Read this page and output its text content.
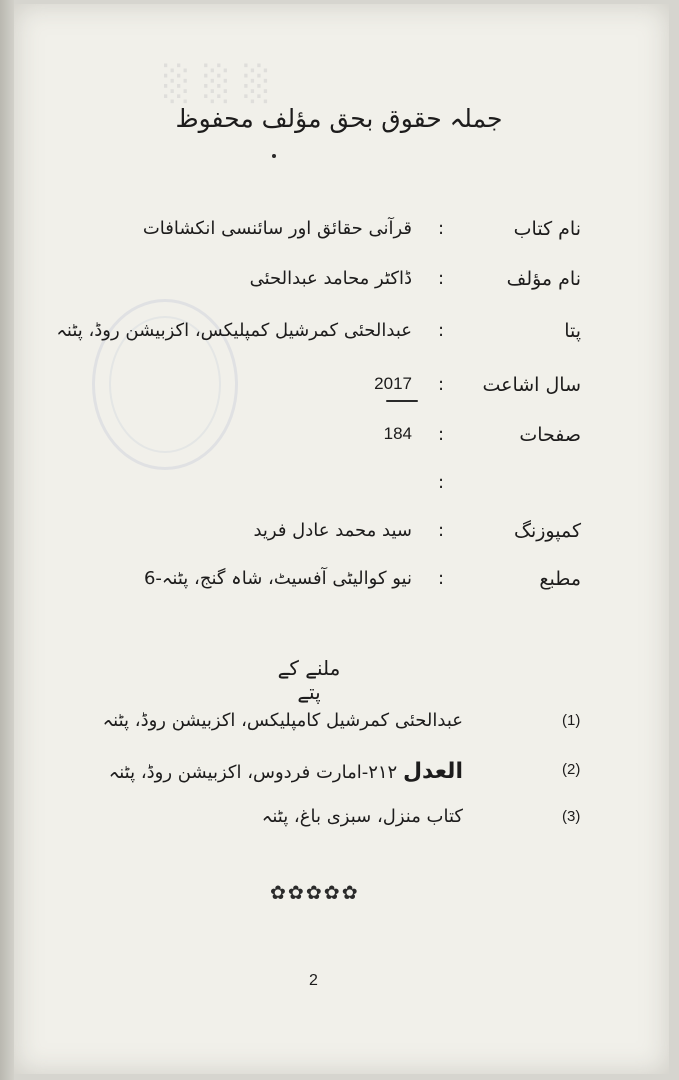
░░░
جملہ حقوق بحق مؤلف محفوظ
نام کتاب
:
قرآنی حقائق اور سائنسی انکشافات
نام مؤلف
:
ڈاکٹر محامد عبدالحئی
پتا
:
عبدالحئی کمرشیل کمپلیکس، اکزبیشن روڈ، پٹنہ
سال اشاعت
:
2017
صفحات
:
184
:
کمپوزنگ
:
سید محمد عادل فرید
مطبع
:
نیو کوالیٹی آفسیٹ، شاہ گنج، پٹنہ-6
ملنے کے پتے
(1)
عبدالحئی کمرشیل کامپلیکس، اکزبیشن روڈ، پٹنہ
(2)
العدل ۲۱۲-امارت فردوس، اکزبیشن روڈ، پٹنہ
(3)
کتاب منزل، سبزی باغ، پٹنہ
✿ ✿ ✿ ✿ ✿
2
